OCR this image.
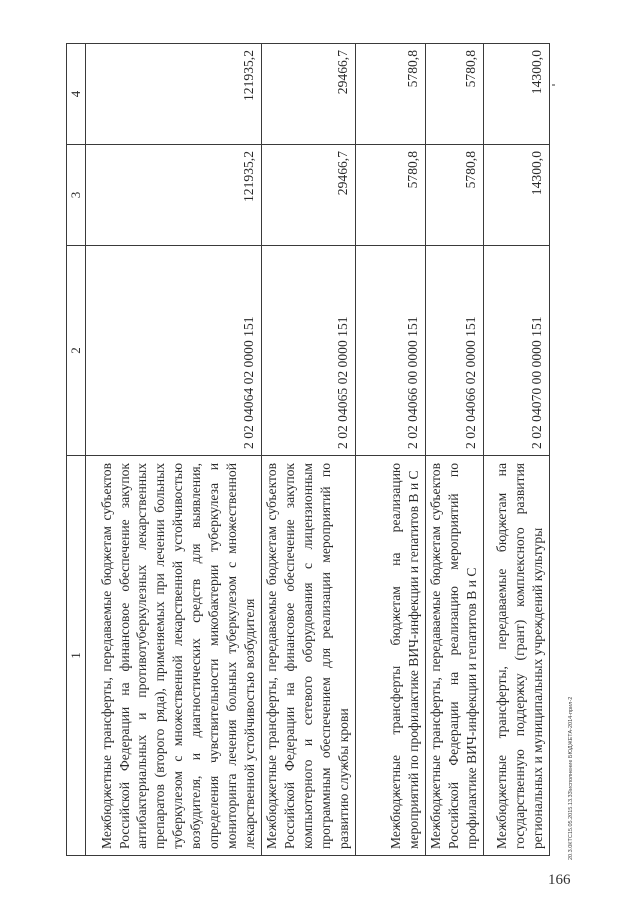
1	2	3	4
Межбюджетные трансферты, передаваемые бюджетам субъектов Российской Федерации на финансовое обеспечение закупок антибактериальных и противотуберкулезных лекарственных препаратов (второго ряда), применяемых при лечении больных туберкулезом с множественной лекарственной устойчивостью возбудителя, и диагностических средств для выявления, определения чувствительности микобактерии туберкулеза и мониторинга лечения больных туберкулезом с множественной лекарственной устойчивостью возбудителя	2 02 04064 02 0000 151	121935,2	121935,2
Межбюджетные трансферты, передаваемые бюджетам субъектов Российской Федерации на финансовое обеспечение закупок компьютерного и сетевого оборудования с лицензионным программным обеспечением для реализации мероприятий по развитию службы крови	2 02 04065 02 0000 151	29466,7	29466,7
Межбюджетные трансферты бюджетам на реализацию мероприятий по профилактике ВИЧ-инфекции и гепатитов В и С	2 02 04066 00 0000 151	5780,8	5780,8
Межбюджетные трансферты, передаваемые бюджетам субъектов Российской Федерации на реализацию мероприятий по профилактике ВИЧ-инфекции и гепатитов В и С	2 02 04066 02 0000 151	5780,8	5780,8
Межбюджетные трансферты, передаваемые бюджетам на государственную поддержку (грант) комплексного развития региональных и муниципальных учреждений культуры	2 02 04070 00 0000 151	14300,0	14300,0
20.3.0КТС15.05.2015.13.33\исполнение БЮДЖЕТА-2014-прил-2
166
